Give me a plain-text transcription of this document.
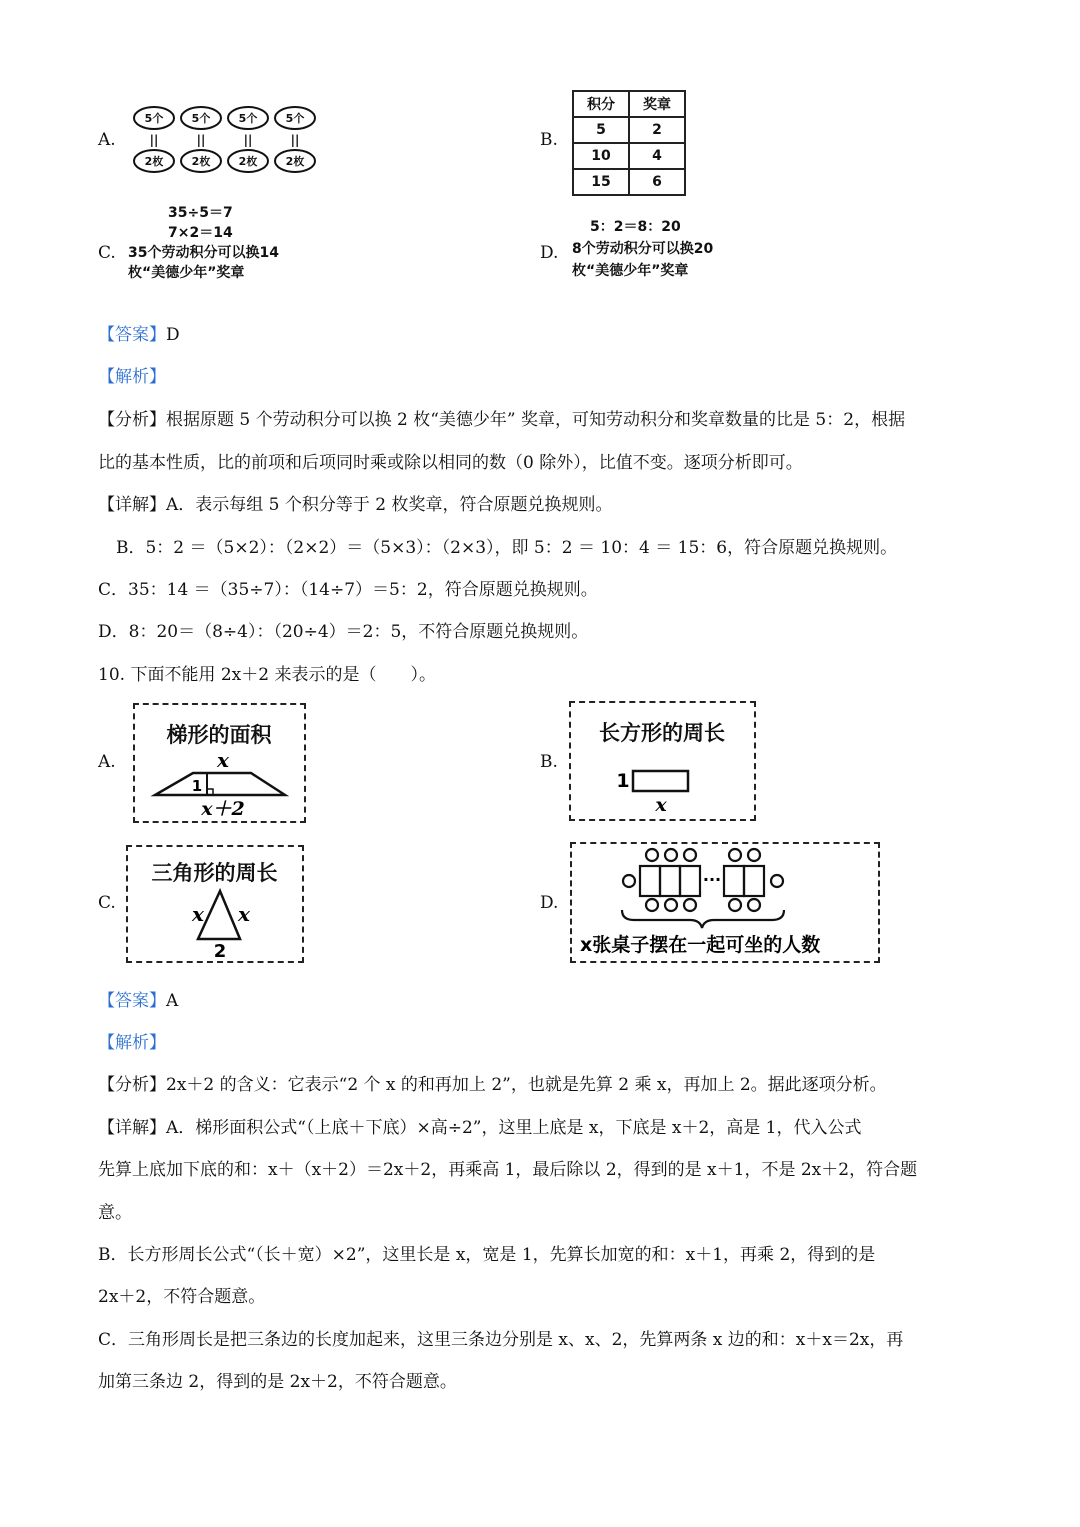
A.
5个	5个	5个	5个
||	||	||	||
2枚	2枚	2枚	2枚
B.
积分	奖章
5	2
10	4
15	6
C.
35÷5＝7
7×2＝14
35个劳动积分可以换14
枚“美德少年”奖章
D.
5：2＝8：20
8个劳动积分可以换20
枚“美德少年”奖章
【答案】D
【解析】
【分析】根据原题 5 个劳动积分可以换 2 枚“美德少年” 奖章，可知劳动积分和奖章数量的比是 5：2，根据
比的基本性质，比的前项和后项同时乘或除以相同的数（0 除外），比值不变。逐项分析即可。
【详解】A．表示每组 5 个积分等于 2 枚奖章，符合原题兑换规则。
B．5：2 ＝（5×2）：（2×2）＝（5×3）：（2×3），即 5：2 ＝ 10：4 ＝ 15：6，符合原题兑换规则。
C．35：14 ＝（35÷7）：（14÷7）＝5：2，符合原题兑换规则。
D．8：20＝（8÷4）：（20÷4）＝2：5，不符合原题兑换规则。
10. 下面不能用 2x＋2 来表示的是（　　）。
A.
梯形的面积
x
1
x＋2
B.
长方形的周长
1
x
C.
三角形的周长
x x
2
D.
···
x张桌子摆在一起可坐的人数
【答案】A
【解析】
【分析】2x＋2 的含义：它表示“2 个 x 的和再加上 2”，也就是先算 2 乘 x，再加上 2。据此逐项分析。
【详解】A．梯形面积公式“（上底＋下底）×高÷2”，这里上底是 x，下底是 x＋2，高是 1，代入公式
先算上底加下底的和：x＋（x＋2）＝2x＋2，再乘高 1，最后除以 2，得到的是 x＋1，不是 2x＋2，符合题
意。
B．长方形周长公式“（长＋宽）×2”，这里长是 x，宽是 1，先算长加宽的和：x＋1，再乘 2，得到的是
2x＋2，不符合题意。
C．三角形周长是把三条边的长度加起来，这里三条边分别是 x、x、2，先算两条 x 边的和：x＋x＝2x，再
加第三条边 2，得到的是 2x＋2，不符合题意。
